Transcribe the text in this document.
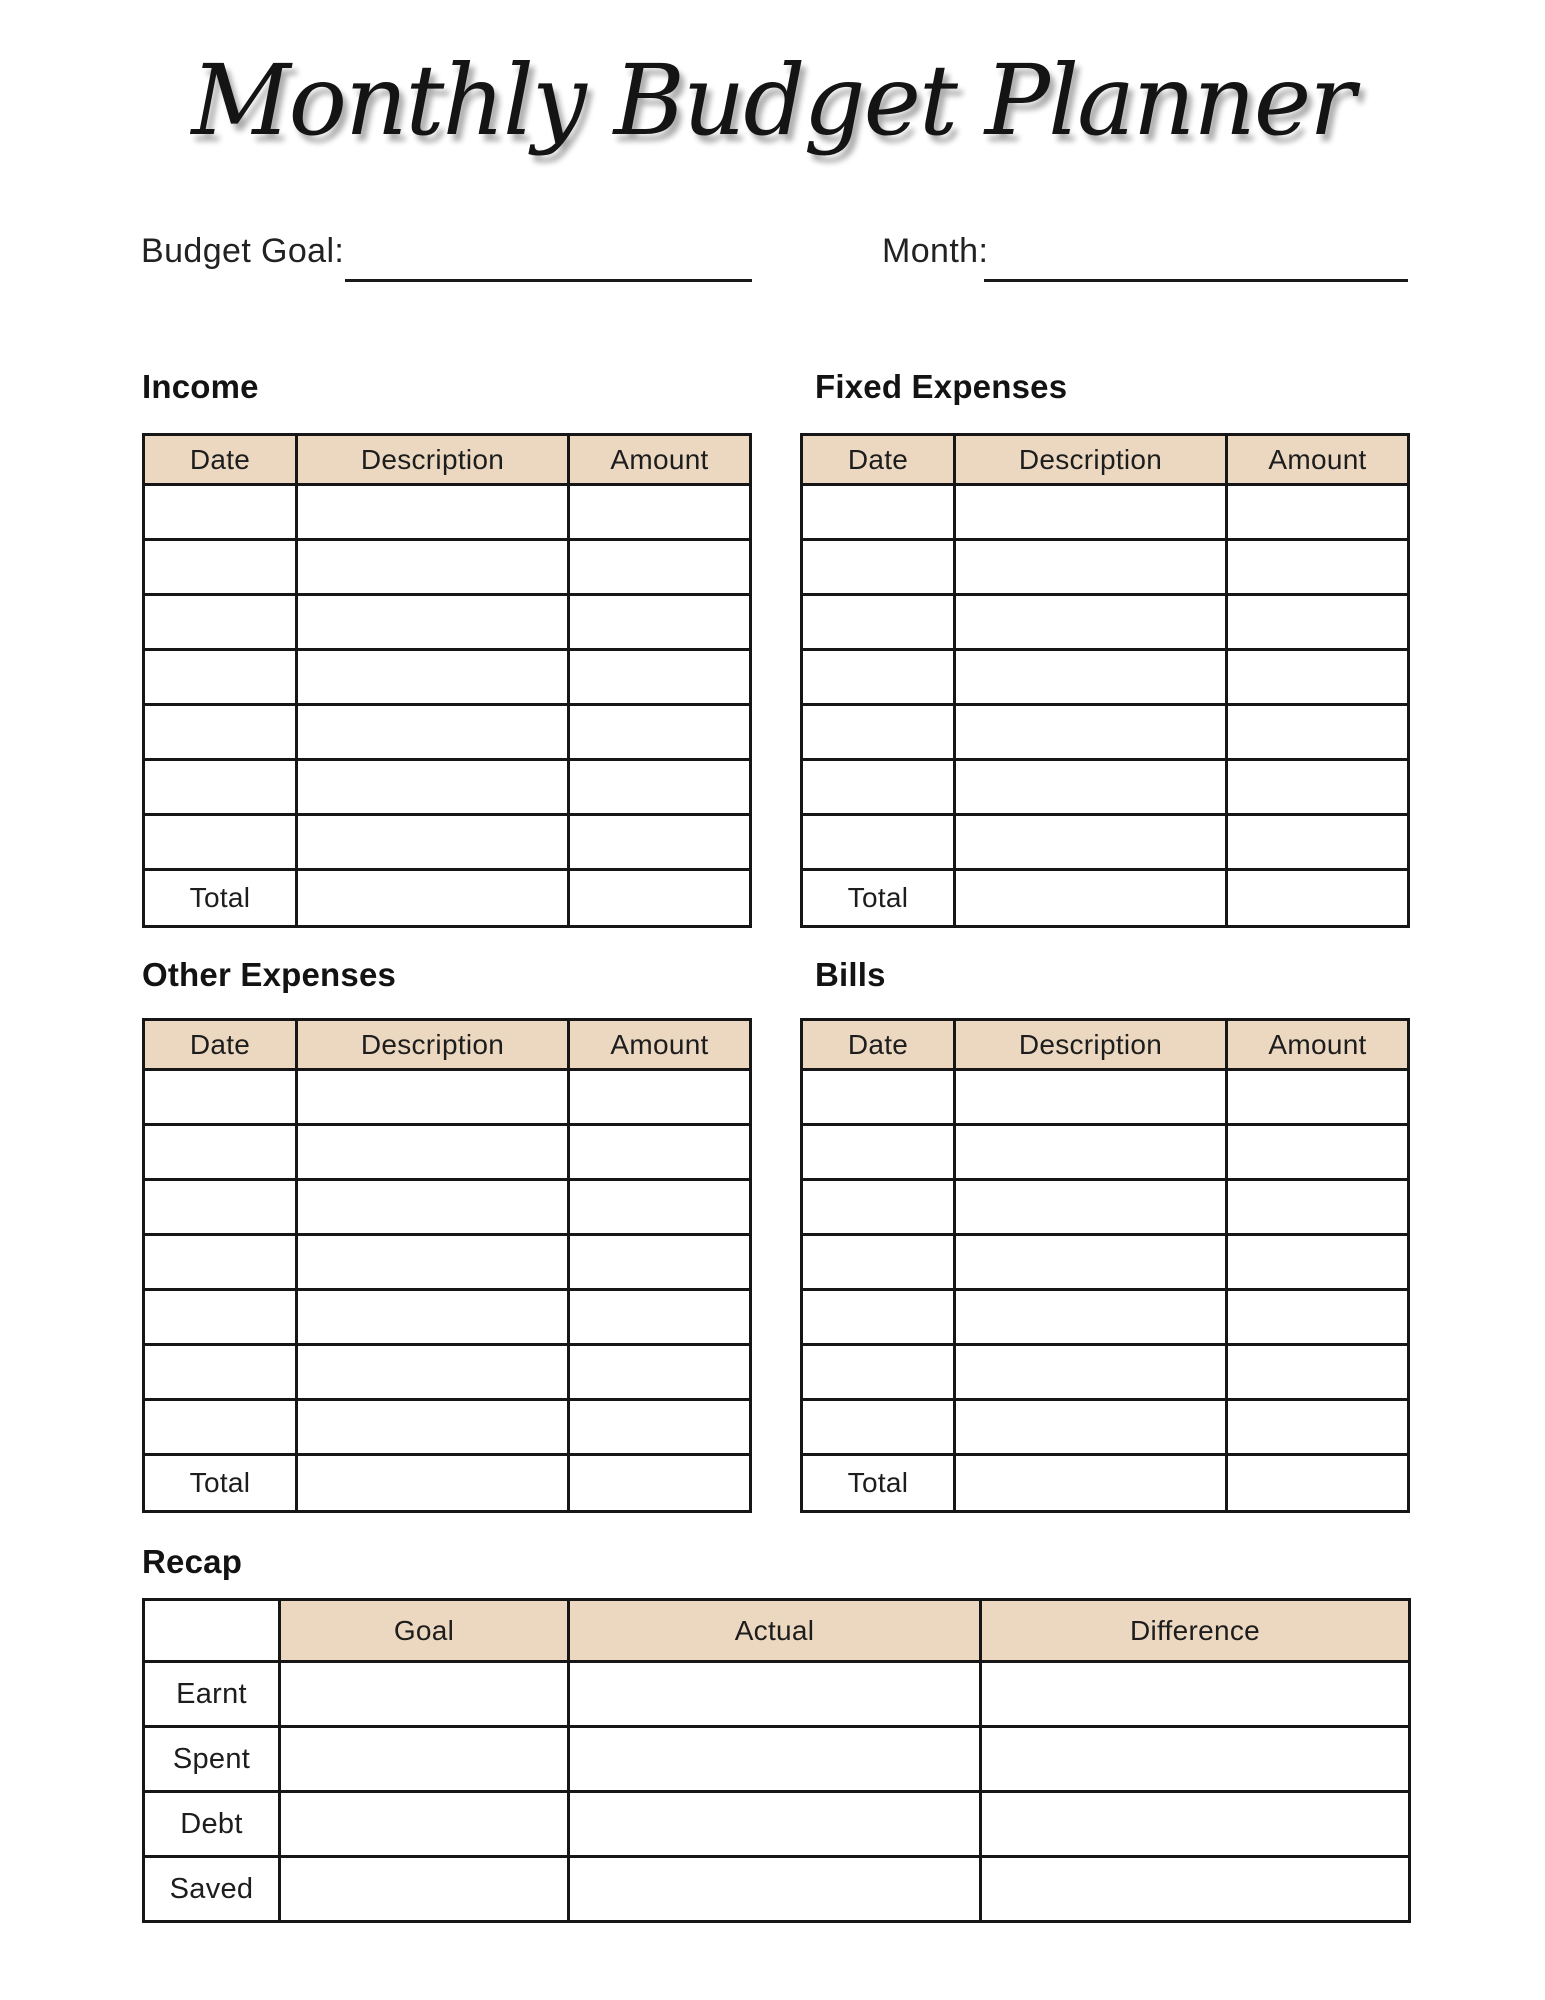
Monthly Budget Planner
Budget Goal:	Month:
Income	Fixed Expenses
Other Expenses	Bills
Recap
Date	Description	Amount

Total		
Date	Description	Amount

Total		
Date	Description	Amount

Total		
Date	Description	Amount

Total		
	Goal	Actual	Difference
Earnt			
Spent			
Debt			
Saved			
